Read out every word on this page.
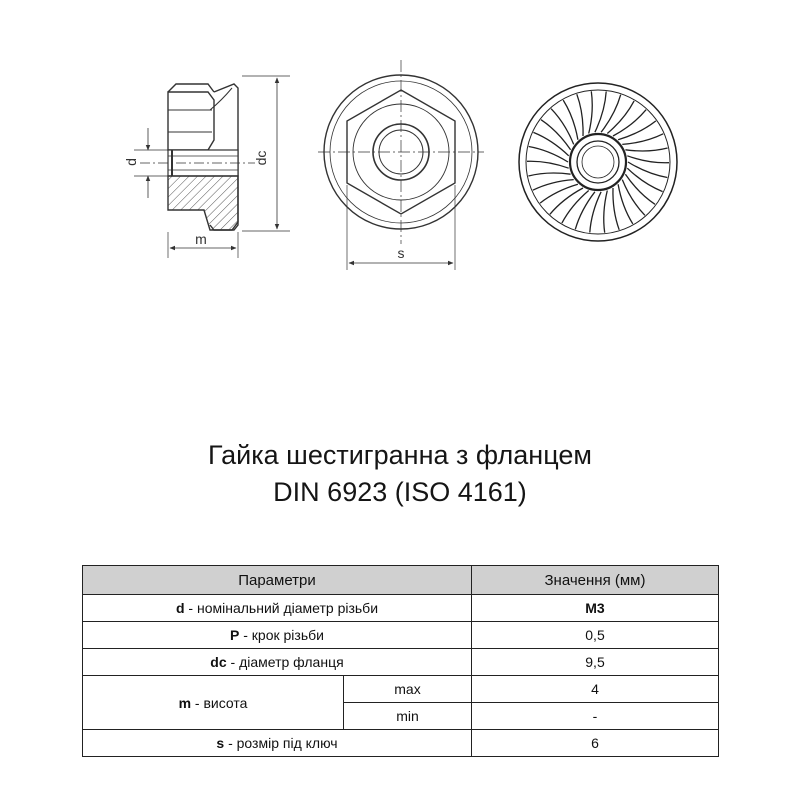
d	dc
m
s
Гайка шестигранна з фланцем
DIN 6923 (ISO 4161)
Параметри		Значення (мм)
d - номінальний діаметр різьби		M3
P - крок різьби		0,5
dc - діаметр фланця		9,5
m - висота	max	4
	min	-
s - розмір під ключ		6
